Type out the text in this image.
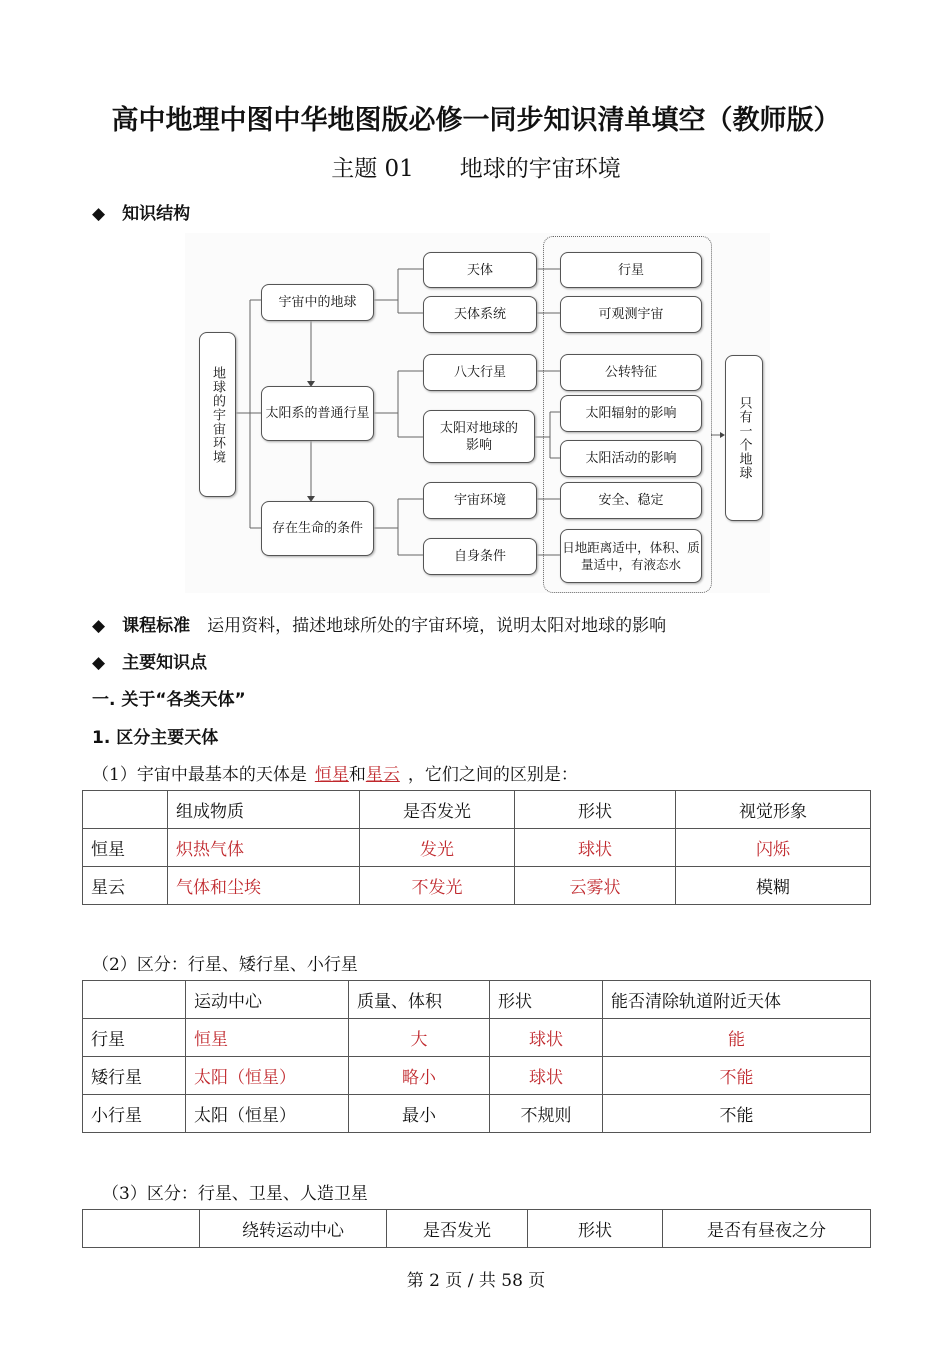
高中地理中图中华地图版必修一同步知识清单填空（教师版）
主题 01　　地球的宇宙环境
◆　 知识结构
地球的宇宙环境
宇宙中的地球
太阳系的普通行星
存在生命的条件
天体
天体系统
八大行星
太阳对地球的影响
宇宙环境
自身条件
行星
可观测宇宙
公转特征
太阳辐射的影响
太阳活动的影响
安全、稳定
日地距离适中，体积、质量适中，有液态水
只有一个地球
◆　 课程标准　 运用资料，描述地球所处的宇宙环境，说明太阳对地球的影响
◆　 主要知识点
一. 关于“各类天体”
1. 区分主要天体
（1）宇宙中最基本的天体是 恒星和星云 ，它们之间的区别是：
	组成物质	是否发光	形状	视觉形象
恒星	炽热气体	发光	球状	闪烁
星云	气体和尘埃	不发光	云雾状	模糊
（2）区分：行星、矮行星、小行星
	运动中心	质量、体积	形状	能否清除轨道附近天体
行星	恒星	大	球状	能
矮行星	太阳（恒星）	略小	球状	不能
小行星	太阳（恒星）	最小	不规则	不能
（3）区分：行星、卫星、人造卫星
	绕转运动中心	是否发光	形状	是否有昼夜之分
第 2 页 / 共 58 页
